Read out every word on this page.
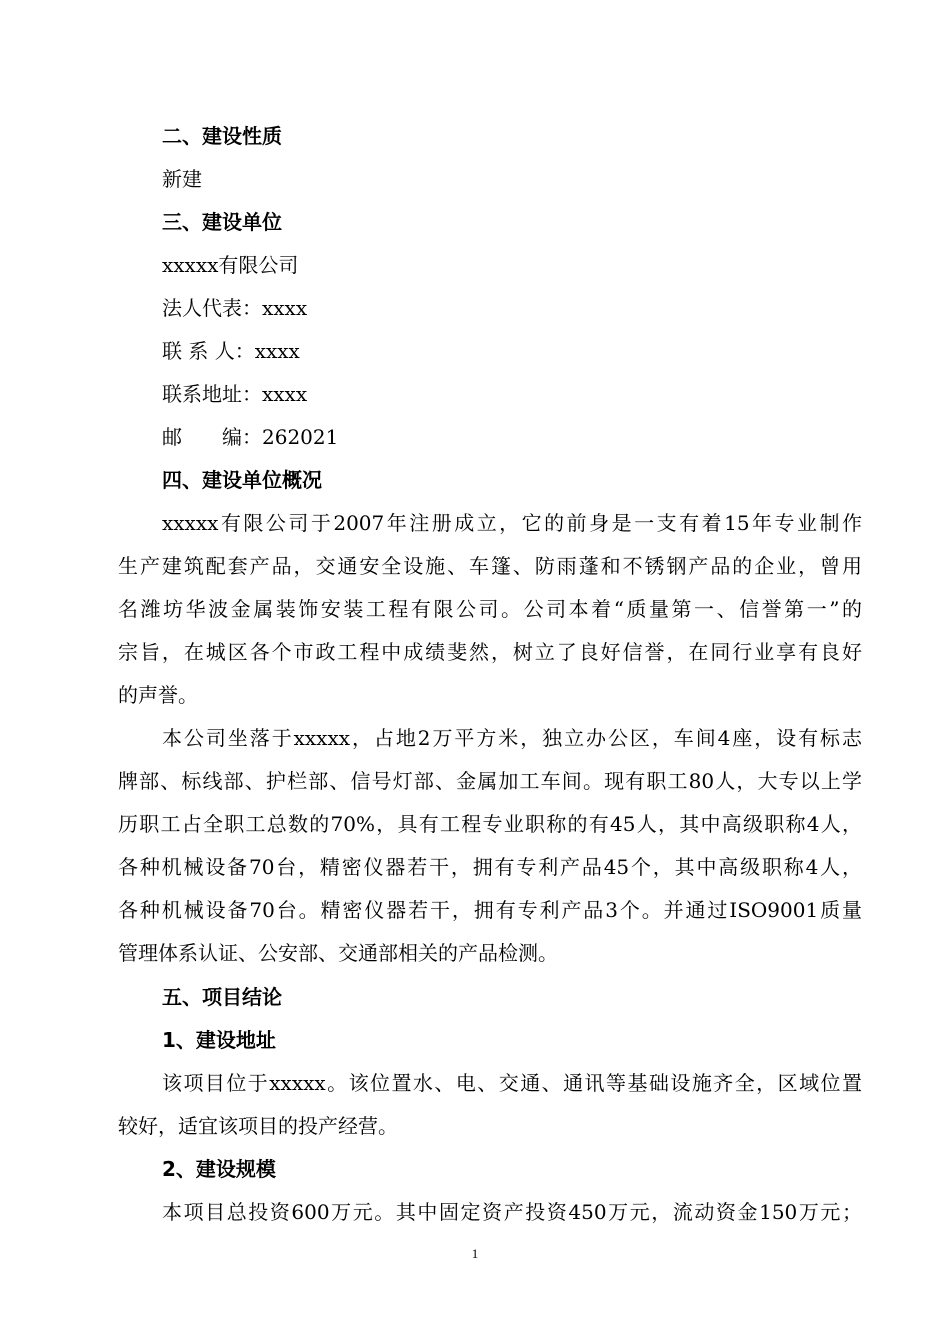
二、建设性质
新建
三、建设单位
xxxxx有限公司
法人代表：xxxx
联 系 人：xxxx
联系地址：xxxx
邮　　编：262021
四、建设单位概况
xxxxx有限公司于2007年注册成立，它的前身是一支有着15年专业制作
生产建筑配套产品，交通安全设施、车篷、防雨蓬和不锈钢产品的企业，曾用
名潍坊华波金属装饰安装工程有限公司。公司本着“质量第一、信誉第一”的
宗旨，在城区各个市政工程中成绩斐然，树立了良好信誉，在同行业享有良好
的声誉。
本公司坐落于xxxxx，占地2万平方米，独立办公区，车间4座，设有标志
牌部、标线部、护栏部、信号灯部、金属加工车间。现有职工80人，大专以上学
历职工占全职工总数的70%，具有工程专业职称的有45人，其中高级职称4人，
各种机械设备70台，精密仪器若干，拥有专利产品45个，其中高级职称4人，
各种机械设备70台。精密仪器若干，拥有专利产品3个。并通过ISO9001质量
管理体系认证、公安部、交通部相关的产品检测。
五、项目结论
1、建设地址
该项目位于xxxxx。该位置水、电、交通、通讯等基础设施齐全，区域位置
较好，适宜该项目的投产经营。
2、建设规模
本项目总投资600万元。其中固定资产投资450万元，流动资金150万元；
1
